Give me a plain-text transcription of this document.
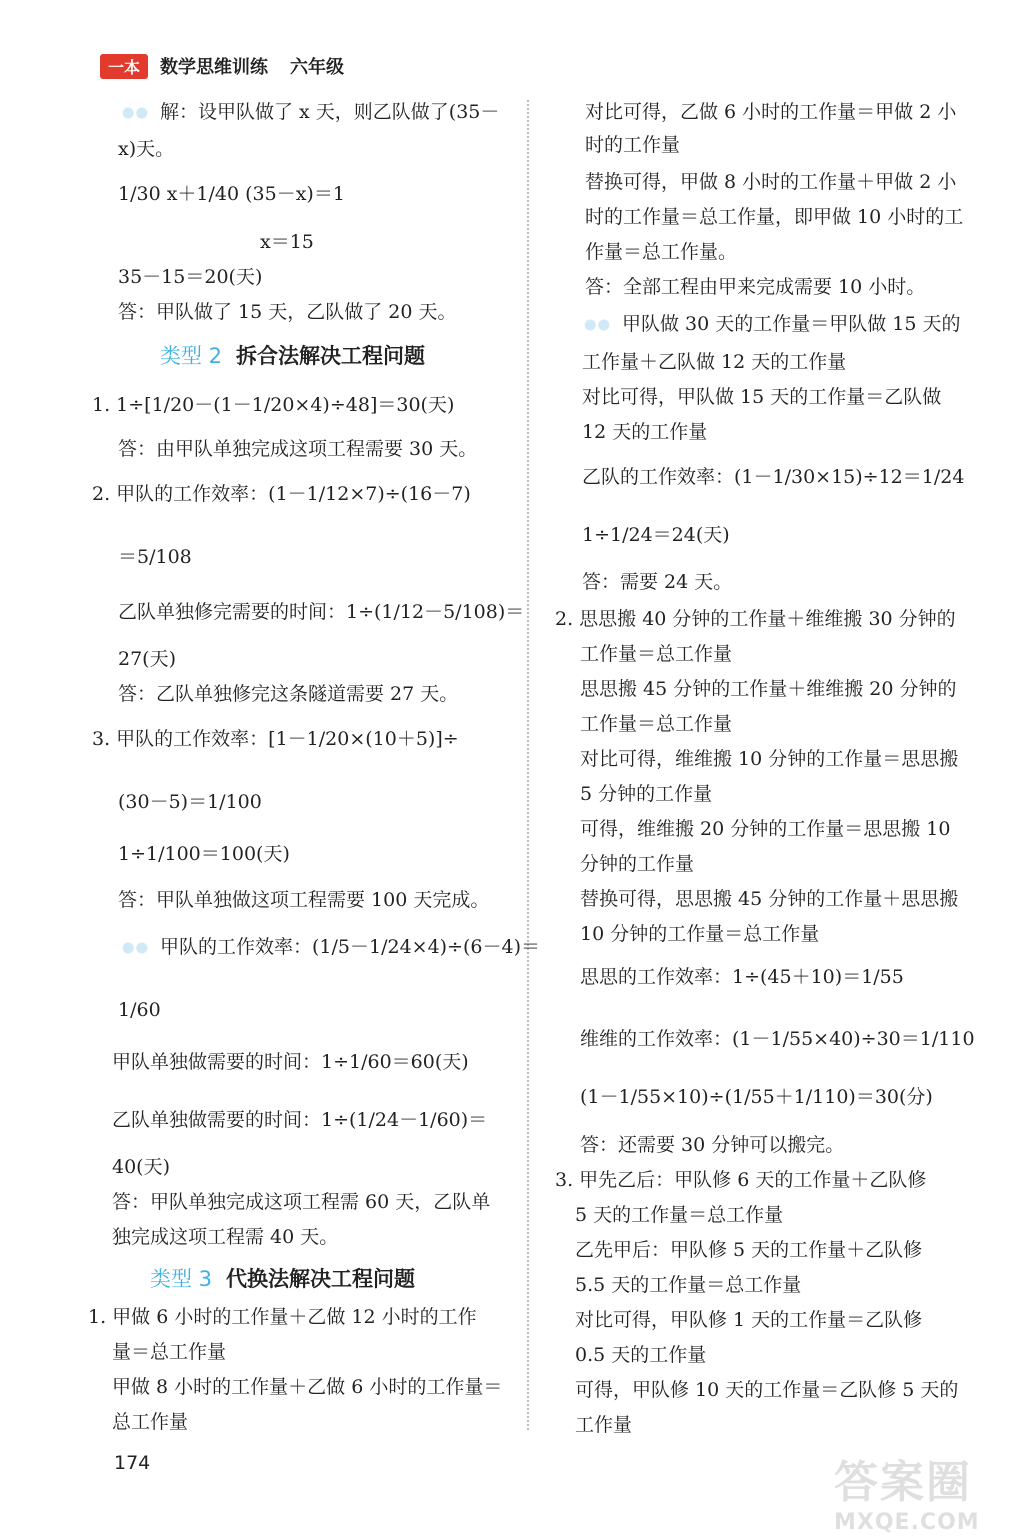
一本	数学思维训练 六年级
解：设甲队做了 x 天，则乙队做了(35－
x)天。
1/30 x＋1/40 (35－x)＝1
x＝15
35－15＝20(天)
答：甲队做了 15 天，乙队做了 20 天。
类型 2 拆合法解决工程问题
1. 1÷[1/20－(1－1/20×4)÷48]＝30(天)
答：由甲队单独完成这项工程需要 30 天。
2. 甲队的工作效率：(1－1/12×7)÷(16－7)
＝5/108
乙队单独修完需要的时间：1÷(1/12－5/108)＝
27(天)
答：乙队单独修完这条隧道需要 27 天。
3. 甲队的工作效率：[1－1/20×(10＋5)]÷
(30－5)＝1/100
1÷1/100＝100(天)
答：甲队单独做这项工程需要 100 天完成。
甲队的工作效率：(1/5－1/24×4)÷(6－4)＝
1/60
甲队单独做需要的时间：1÷1/60＝60(天)
乙队单独做需要的时间：1÷(1/24－1/60)＝
40(天)
答：甲队单独完成这项工程需 60 天，乙队单
独完成这项工程需 40 天。
类型 3 代换法解决工程问题
1. 甲做 6 小时的工作量＋乙做 12 小时的工作
量＝总工作量
甲做 8 小时的工作量＋乙做 6 小时的工作量＝
总工作量
对比可得，乙做 6 小时的工作量＝甲做 2 小
时的工作量
替换可得，甲做 8 小时的工作量＋甲做 2 小
时的工作量＝总工作量，即甲做 10 小时的工
作量＝总工作量。
答：全部工程由甲来完成需要 10 小时。
甲队做 30 天的工作量＝甲队做 15 天的
工作量＋乙队做 12 天的工作量
对比可得，甲队做 15 天的工作量＝乙队做
12 天的工作量
乙队的工作效率：(1－1/30×15)÷12＝1/24
1÷1/24＝24(天)
答：需要 24 天。
2. 思思搬 40 分钟的工作量＋维维搬 30 分钟的
工作量＝总工作量
思思搬 45 分钟的工作量＋维维搬 20 分钟的
工作量＝总工作量
对比可得，维维搬 10 分钟的工作量＝思思搬
5 分钟的工作量
可得，维维搬 20 分钟的工作量＝思思搬 10
分钟的工作量
替换可得，思思搬 45 分钟的工作量＋思思搬
10 分钟的工作量＝总工作量
思思的工作效率：1÷(45＋10)＝1/55
维维的工作效率：(1－1/55×40)÷30＝1/110
(1－1/55×10)÷(1/55＋1/110)＝30(分)
答：还需要 30 分钟可以搬完。
3. 甲先乙后：甲队修 6 天的工作量＋乙队修
5 天的工作量＝总工作量
乙先甲后：甲队修 5 天的工作量＋乙队修
5.5 天的工作量＝总工作量
对比可得，甲队修 1 天的工作量＝乙队修
0.5 天的工作量
可得，甲队修 10 天的工作量＝乙队修 5 天的
工作量
174	答案圈
MXQE.COM
